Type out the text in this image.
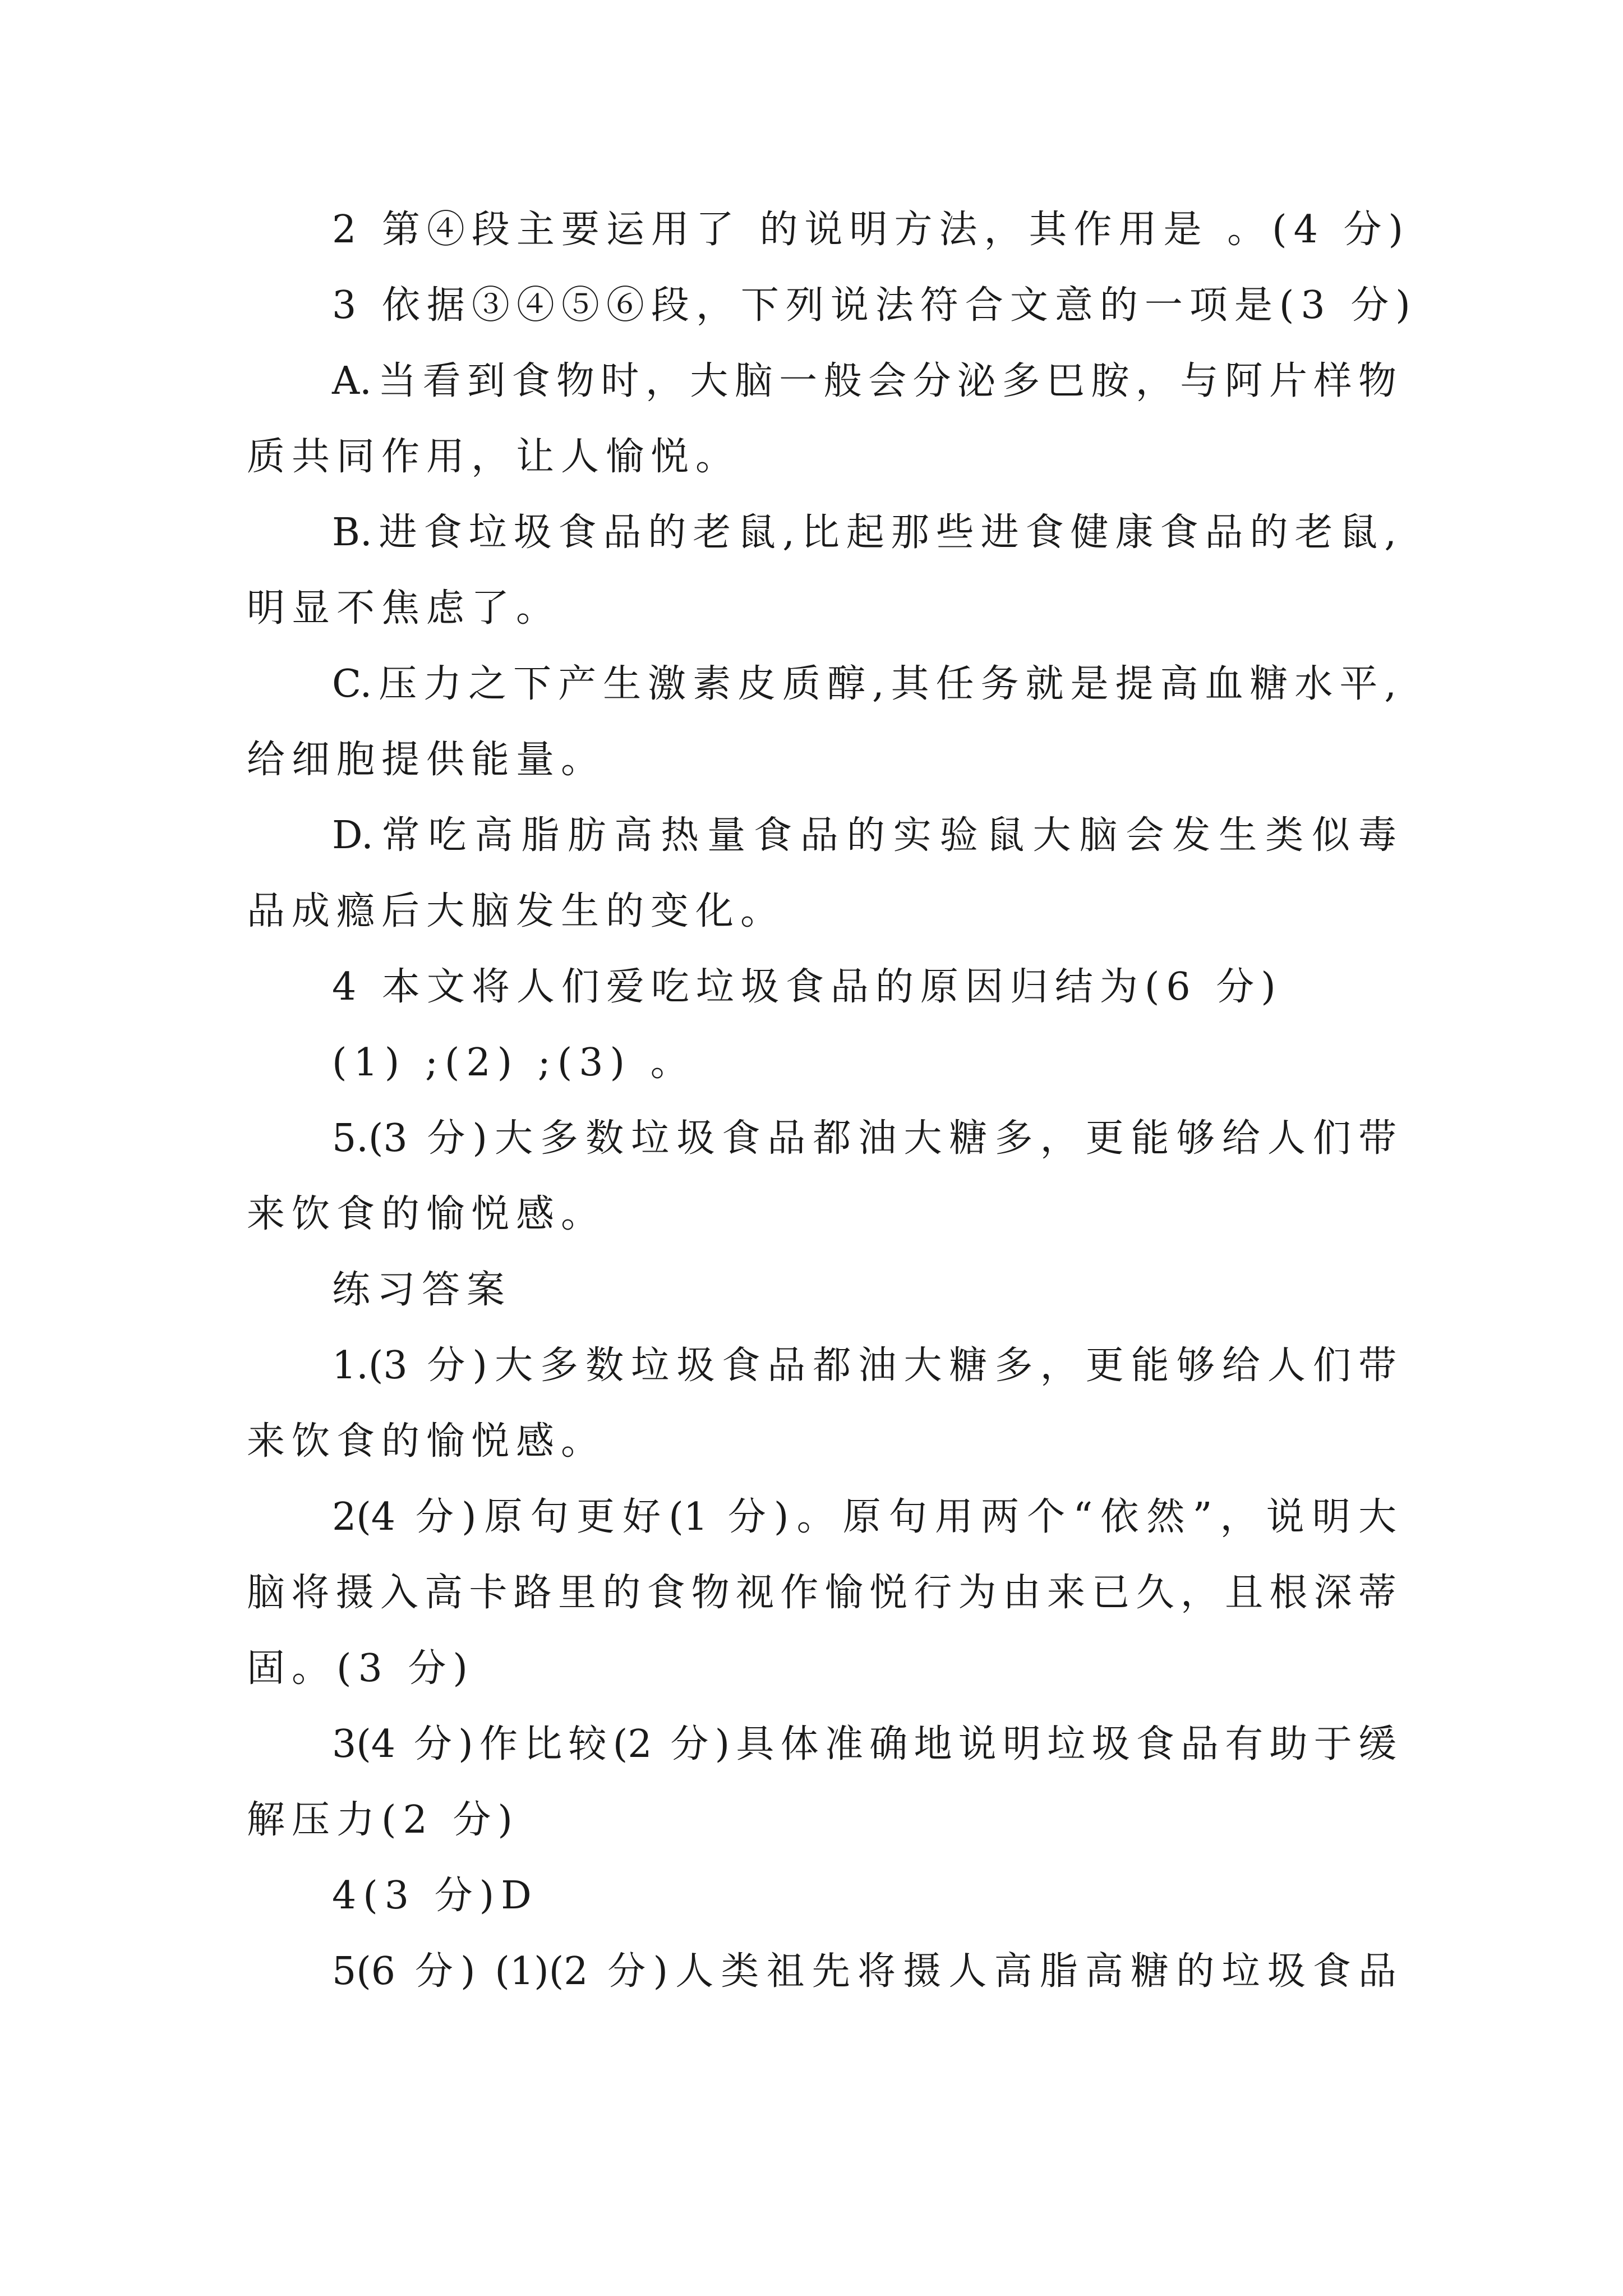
2 第④段主要运用了 的说明方法，其作用是 。(4 分)
3 依据③④⑤⑥段，下列说法符合文意的一项是(3 分)
A.当看到食物时，大脑一般会分泌多巴胺，与阿片样物
质共同作用，让人愉悦。
B.进食垃圾食品的老鼠,比起那些进食健康食品的老鼠,
明显不焦虑了。
C.压力之下产生激素皮质醇,其任务就是提高血糖水平,
给细胞提供能量。
D.常吃高脂肪高热量食品的实验鼠大脑会发生类似毒
品成瘾后大脑发生的变化。
4 本文将人们爱吃垃圾食品的原因归结为(6 分)
(1) ;(2) ;(3) 。
5.(3 分)大多数垃圾食品都油大糖多，更能够给人们带
来饮食的愉悦感。
练习答案
1.(3 分)大多数垃圾食品都油大糖多，更能够给人们带
来饮食的愉悦感。
2(4 分)原句更好(1 分)。原句用两个“依然”，说明大
脑将摄入高卡路里的食物视作愉悦行为由来已久，且根深蒂
固。(3 分)
3(4 分)作比较(2 分)具体准确地说明垃圾食品有助于缓
解压力(2 分)
4(3 分)D
5(6 分) (1)(2 分)人类祖先将摄人高脂高糖的垃圾食品
